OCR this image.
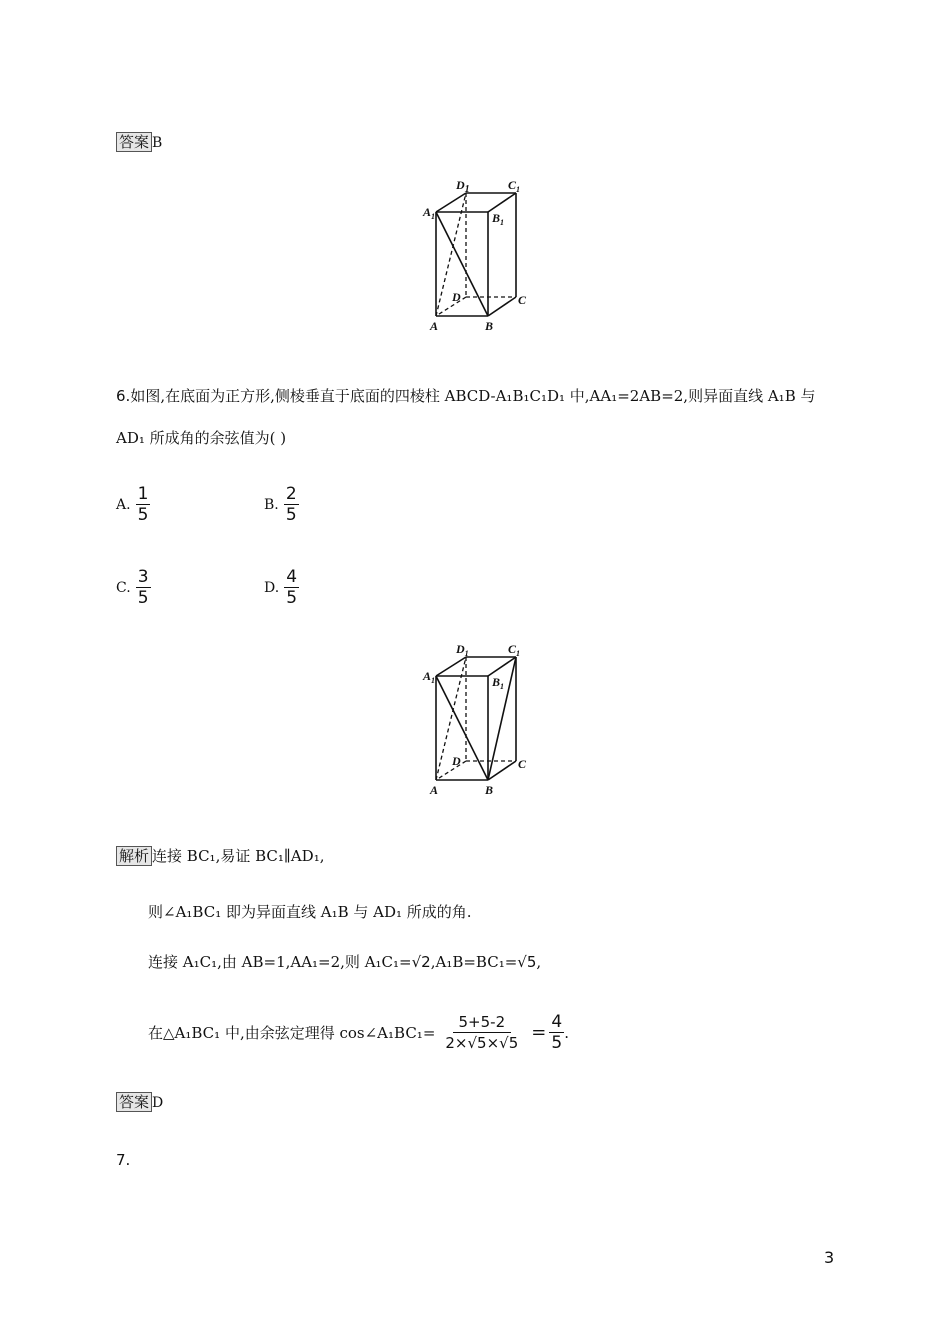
答案 B
$D_1$	$C_1$
$A_1$	$B_1$
D	C
A	B
6.如图,在底面为正方形,侧棱垂直于底面的四棱柱 ABCD-A₁B₁C₁D₁ 中,AA₁=2AB=2,则异面直线 A₁B 与
AD₁ 所成角的余弦值为( )
A. $\frac{1}{5}$	B. $\frac{2}{5}$
C. $\frac{3}{5}$	D. $\frac{4}{5}$
$D_1$	$C_1$
$A_1$	$B_1$
D	C
A	B
解析 连接 BC₁,易证 BC₁∥AD₁,
则∠A₁BC₁ 即为异面直线 A₁B 与 AD₁ 所成的角.
连接 A₁C₁,由 AB=1,AA₁=2,则 A₁C₁=√2,A₁B=BC₁=√5,
在△A₁BC₁ 中,由余弦定理得 cos∠A₁BC₁= $\frac{5+5-2}{2\times√5\times√5} = \frac{4}{5}$ .
答案 D
7.
3
